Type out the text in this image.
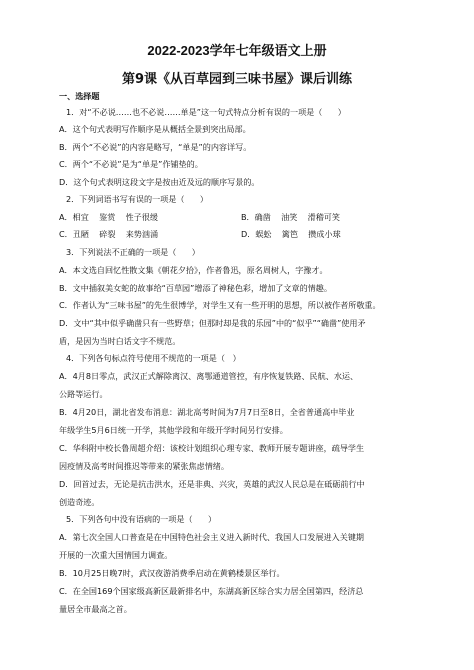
2022-2023学年七年级语文上册
第9课《从百草园到三味书屋》课后训练
一、选择题
1．对“不必说……也不必说……单是”这一句式特点分析有误的一项是（      ）
A．这个句式表明写作顺序是从概括全景到突出局部。
B．两个“不必说”的内容是略写，“单是”的内容详写。
C．两个“不必说”是为“单是”作铺垫的。
D．这个句式表明这段文字是按由近及远的顺序写景的。
2．下列词语书写有误的一项是（      ）
A．相宜    鉴赏    性子很缓	B．确凿    油笑    滑稽可笑
C．丑陋    碎裂    来势汹涌	D．蜈蚣    篱笆    攒成小球
3．下列说法不正确的一项是（      ）
A．本文选自回忆性散文集《朝花夕拾》，作者鲁迅，原名周树人，字豫才。
B．文中插叙美女蛇的故事给“百草园”增添了神秘色彩，增加了文章的情趣。
C．作者认为“三味书屋”的先生很博学，对学生又有一些开明的思想，所以被作者所敬重。
D．文中“其中似乎确凿只有一些野草；但那时却是我的乐园”中的“似乎”“确凿”使用矛
盾，是因为当时白话文字不规范。
4．下列各句标点符号使用不规范的一项是（   ）
A．4月8日零点，武汉正式解除离汉、离鄂通道管控，有序恢复铁路、民航、水运、
公路等运行。
B．4月20日，湖北省发布消息：湖北高考时间为7月7日至8日，全省普通高中毕业
年级学生5月6日统一开学，其他学段和年级开学时间另行安排。
C．华科附中校长鲁周超介绍：该校计划组织心理专家、教师开展专题讲座，疏导学生
因疫情及高考时间推迟等带来的紧张焦虑情绪。
D．回首过去，无论是抗击洪水，还是非典、兴灾，英雄的武汉人民总是在砥砺前行中
创造奇迹。
5．下列各句中没有语病的一项是（      ）
A．第七次全国人口普查是在中国特色社会主义进入新时代、我国人口发展进入关键期
开展的一次重大国情国力调查。
B．10月25日晚7时，武汉夜游消费季启动在黄鹤楼景区举行。
C．在全国169个国家级高新区最新排名中，东湖高新区综合实力居全国第四，经济总
量居全市最高之首。
